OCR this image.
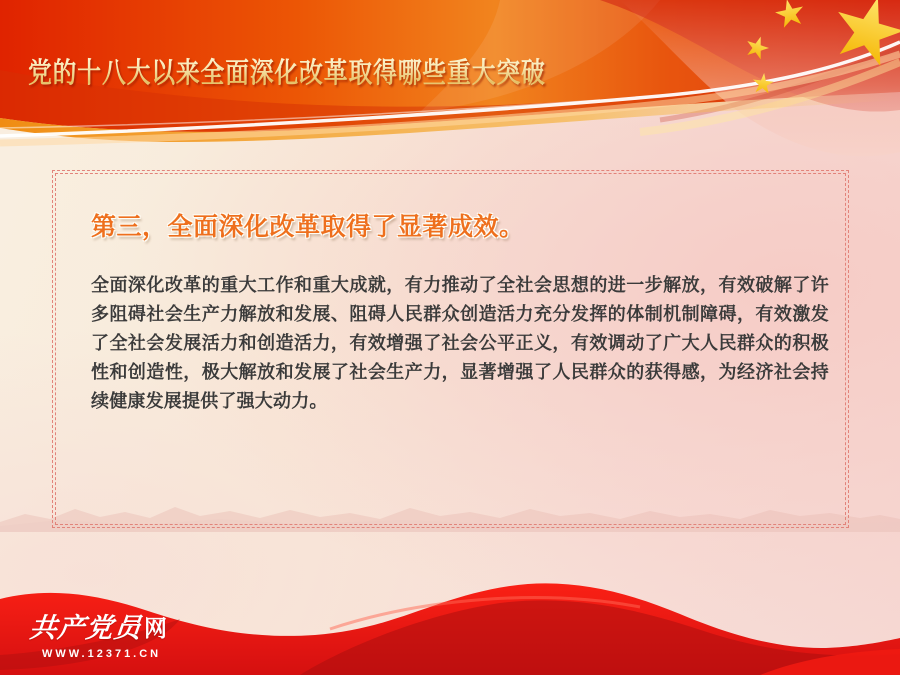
党的十八大以来全面深化改革取得哪些重大突破
第三，全面深化改革取得了显著成效。

全面深化改革的重大工作和重大成就，有力推动了全社会思想的进一步解放，有效破解了许多阻碍社会生产力解放和发展、阻碍人民群众创造活力充分发挥的体制机制障碍，有效激发了全社会发展活力和创造活力，有效增强了社会公平正义，有效调动了广大人民群众的积极性和创造性，极大解放和发展了社会生产力，显著增强了人民群众的获得感，为经济社会持续健康发展提供了强大动力。

共产党员 网
WWW.12371.CN
